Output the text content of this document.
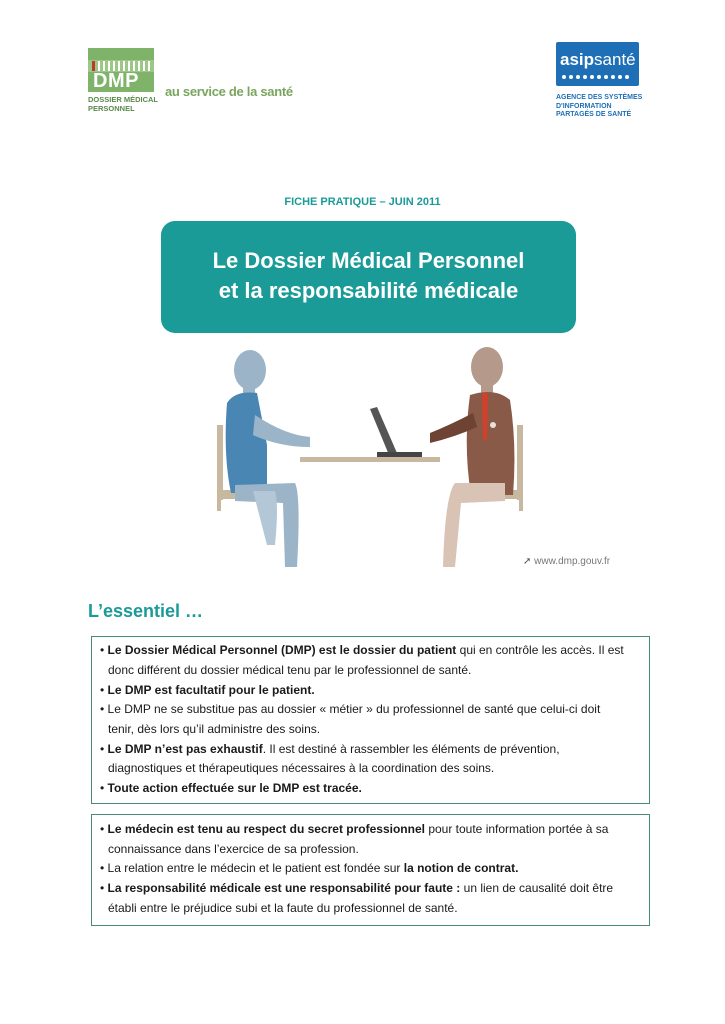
DMP
DOSSIER MÉDICAL
PERSONNEL
au service de la santé
asipsanté
AGENCE DES SYSTÈMES
D'INFORMATION
PARTAGÉS DE SANTÉ
FICHE PRATIQUE – JUIN 2011
Le Dossier Médical Personnel
et la responsabilité médicale
➚ www.dmp.gouv.fr
L’essentiel …
• Le Dossier Médical Personnel (DMP) est le dossier du patient qui en contrôle les accès. Il est
donc différent du dossier médical tenu par le professionnel de santé.
• Le DMP est facultatif pour le patient.
• Le DMP ne se substitue pas au dossier « métier » du professionnel de santé que celui-ci doit
tenir, dès lors qu’il administre des soins.
• Le DMP n’est pas exhaustif. Il est destiné à rassembler les éléments de prévention,
diagnostiques et thérapeutiques nécessaires à la coordination des soins.
• Toute action effectuée sur le DMP est tracée.
• Le médecin est tenu au respect du secret professionnel pour toute information portée à sa
connaissance dans l’exercice de sa profession.
• La relation entre le médecin et le patient est fondée sur la notion de contrat.
• La responsabilité médicale est une responsabilité pour faute : un lien de causalité doit être
établi entre le préjudice subi et la faute du professionnel de santé.
